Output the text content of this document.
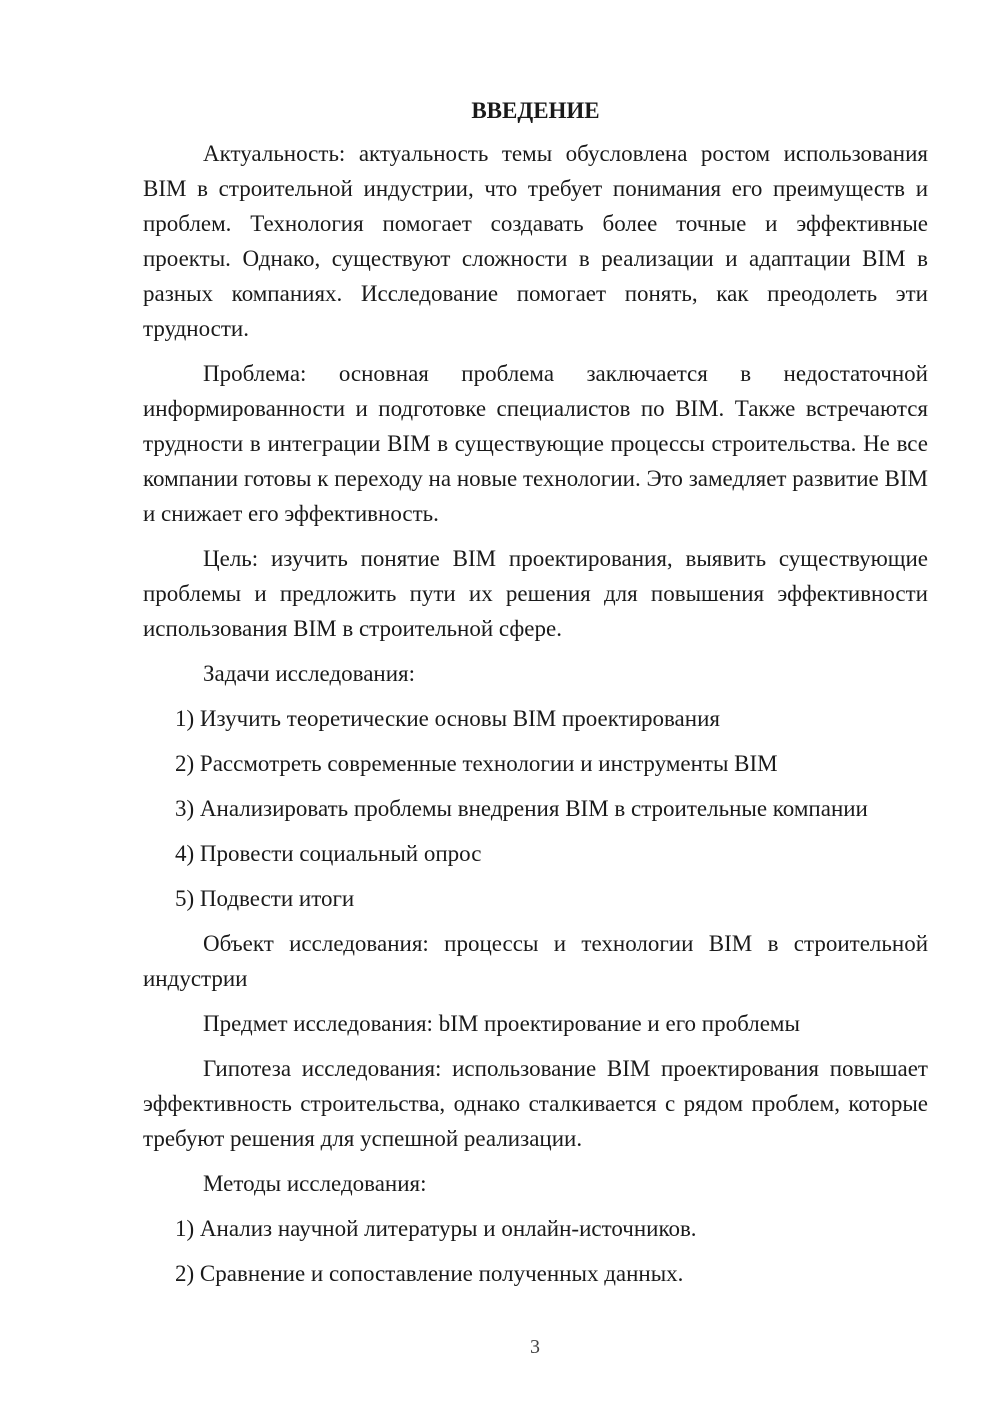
ВВЕДЕНИЕ

Актуальность: актуальность темы обусловлена ростом использования BIM в строительной индустрии, что требует понимания его преимуществ и проблем. Технология помогает создавать более точные и эффективные проекты. Однако, существуют сложности в реализации и адаптации BIM в разных компаниях. Исследование помогает понять, как преодолеть эти трудности.

Проблема: основная проблема заключается в недостаточной информированности и подготовке специалистов по BIM. Также встречаются трудности в интеграции BIM в существующие процессы строительства. Не все компании готовы к переходу на новые технологии. Это замедляет развитие BIM и снижает его эффективность.

Цель: изучить понятие BIM проектирования, выявить существующие проблемы и предложить пути их решения для повышения эффективности использования BIM в строительной сфере.

Задачи исследования:

1) Изучить теоретические основы BIM проектирования

2) Рассмотреть современные технологии и инструменты BIM

3) Анализировать проблемы внедрения BIM в строительные компании

4) Провести социальный опрос

5) Подвести итоги

Объект исследования: процессы и технологии BIM в строительной индустрии

Предмет исследования: bIM проектирование и его проблемы

Гипотеза исследования: использование BIM проектирования повышает эффективность строительства, однако сталкивается с рядом проблем, которые требуют решения для успешной реализации.

Методы исследования:

1) Анализ научной литературы и онлайн-источников.

2) Сравнение и сопоставление полученных данных.

3
